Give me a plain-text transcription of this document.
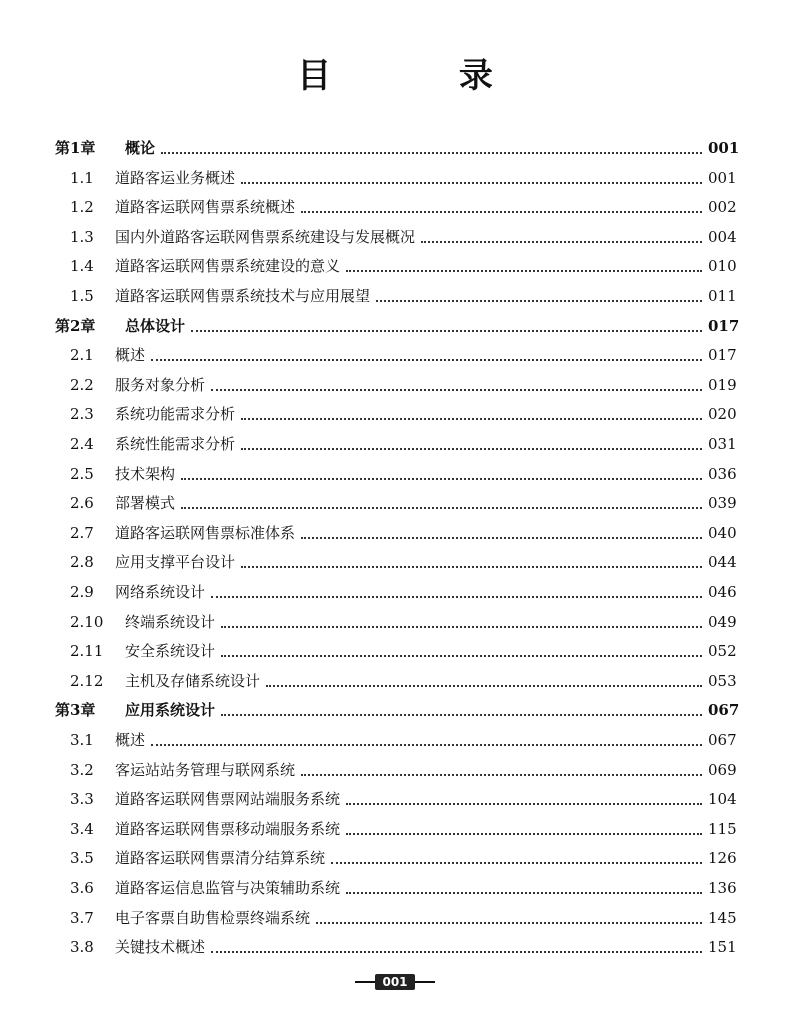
目 录
第1章	概论	001
1.1	道路客运业务概述	001
1.2	道路客运联网售票系统概述	002
1.3	国内外道路客运联网售票系统建设与发展概况	004
1.4	道路客运联网售票系统建设的意义	010
1.5	道路客运联网售票系统技术与应用展望	011
第2章	总体设计	017
2.1	概述	017
2.2	服务对象分析	019
2.3	系统功能需求分析	020
2.4	系统性能需求分析	031
2.5	技术架构	036
2.6	部署模式	039
2.7	道路客运联网售票标准体系	040
2.8	应用支撑平台设计	044
2.9	网络系统设计	046
2.10	终端系统设计	049
2.11	安全系统设计	052
2.12	主机及存储系统设计	053
第3章	应用系统设计	067
3.1	概述	067
3.2	客运站站务管理与联网系统	069
3.3	道路客运联网售票网站端服务系统	104
3.4	道路客运联网售票移动端服务系统	115
3.5	道路客运联网售票清分结算系统	126
3.6	道路客运信息监管与决策辅助系统	136
3.7	电子客票自助售检票终端系统	145
3.8	关键技术概述	151
001
